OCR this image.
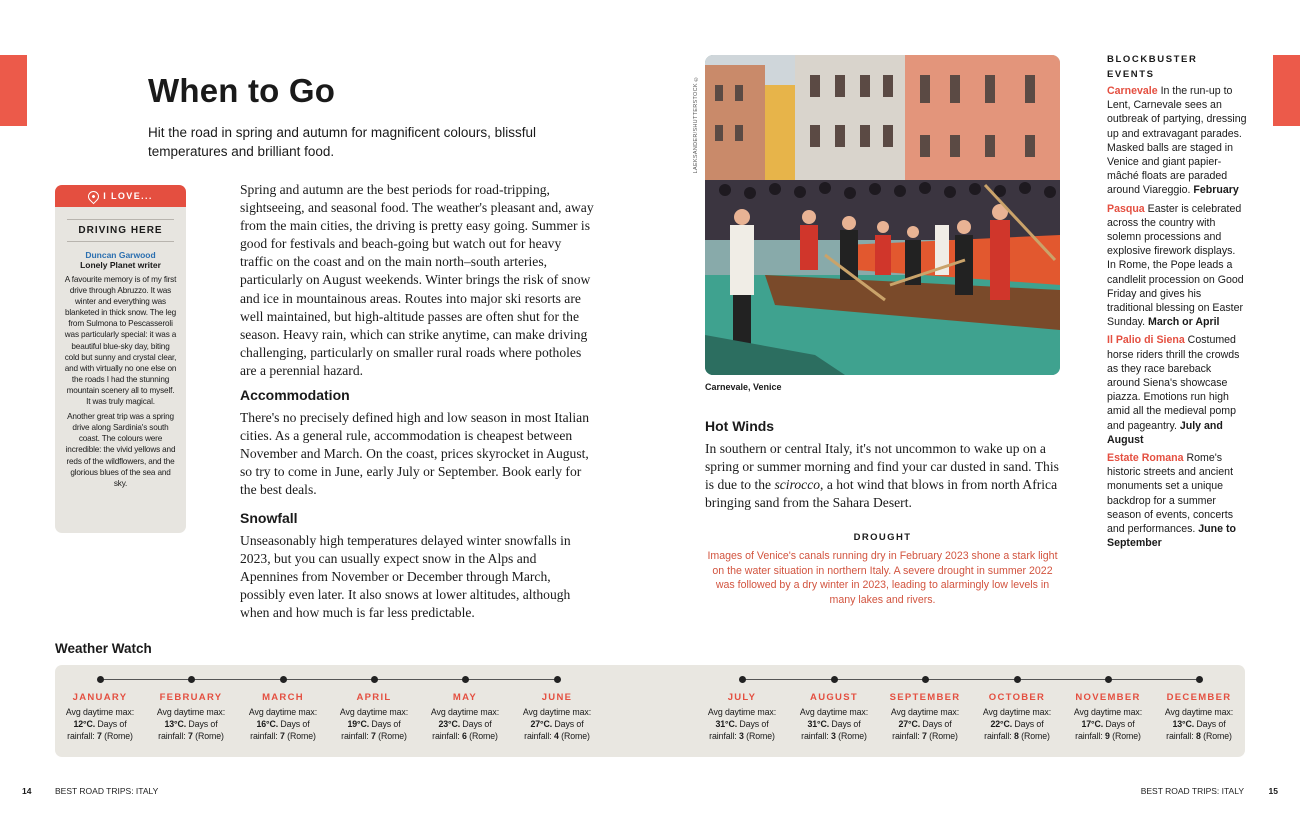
When to Go

Hit the road in spring and autumn for magnificent colours, blissful temperatures and brilliant food.

I LOVE...
DRIVING HERE
Duncan Garwood
Lonely Planet writer

A favourite memory is of my first drive through Abruzzo. It was winter and everything was blanketed in thick snow. The leg from Sulmona to Pescasseroli was particularly special: it was a beautiful blue-sky day, biting cold but sunny and crystal clear, and with virtually no one else on the roads I had the stunning mountain scenery all to myself. It was truly magical.

Another great trip was a spring drive along Sardinia's south coast. The colours were incredible: the vivid yellows and reds of the wildflowers, and the glorious blues of the sea and sky.

Spring and autumn are the best periods for road-tripping, sightseeing, and seasonal food. The weather's pleasant and, away from the main cities, the driving is pretty easy going. Summer is good for festivals and beach-going but watch out for heavy traffic on the coast and on the main north–south arteries, particularly on August weekends. Winter brings the risk of snow and ice in mountainous areas. Routes into major ski resorts are well maintained, but high-altitude passes are often shut for the season. Heavy rain, which can strike anytime, can make driving challenging, particularly on smaller rural roads where potholes are a perennial hazard.

Accommodation

There's no precisely defined high and low season in most Italian cities. As a general rule, accommodation is cheapest between November and March. On the coast, prices skyrocket in August, so try to come in June, early July or September. Book early for the best deals.

Snowfall

Unseasonably high temperatures delayed winter snowfalls in 2023, but you can usually expect snow in the Alps and Apennines from November or December through March, possibly even later. It also snows at lower altitudes, although when and how much is far less predictable.

LAEKSANDER/SHUTTERSTOCK ©
Carnevale, Venice
Hot Winds

In southern or central Italy, it's not uncommon to wake up on a spring or summer morning and find your car dusted in sand. This is due to the scirocco, a hot wind that blows in from north Africa bringing sand from the Sahara Desert.

DROUGHT
Images of Venice's canals running dry in February 2023 shone a stark light on the water situation in northern Italy. A severe drought in summer 2022 was followed by a dry winter in 2023, leading to alarmingly low levels in many lakes and rivers.
BLOCKBUSTER EVENTS
Carnevale In the run-up to Lent, Carnevale sees an outbreak of partying, dressing up and extravagant parades. Masked balls are staged in Venice and giant papier-mâché floats are paraded around Viareggio. February
Pasqua Easter is celebrated across the country with solemn processions and explosive firework displays. In Rome, the Pope leads a candlelit procession on Good Friday and gives his traditional blessing on Easter Sunday. March or April
Il Palio di Siena Costumed horse riders thrill the crowds as they race bareback around Siena's showcase piazza. Emotions run high amid all the medieval pomp and pageantry. July and August
Estate Romana Rome's historic streets and ancient monuments set a unique backdrop for a summer season of events, concerts and performances. June to September
Weather Watch
JANUARY
Avg daytime max:
12°C. Days of
rainfall: 7 (Rome)
FEBRUARY
Avg daytime max:
13°C. Days of
rainfall: 7 (Rome)
MARCH
Avg daytime max:
16°C. Days of
rainfall: 7 (Rome)
APRIL
Avg daytime max:
19°C. Days of
rainfall: 7 (Rome)
MAY
Avg daytime max:
23°C. Days of
rainfall: 6 (Rome)
JUNE
Avg daytime max:
27°C. Days of
rainfall: 4 (Rome)
JULY
Avg daytime max:
31°C. Days of
rainfall: 3 (Rome)
AUGUST
Avg daytime max:
31°C. Days of
rainfall: 3 (Rome)
SEPTEMBER
Avg daytime max:
27°C. Days of
rainfall: 7 (Rome)
OCTOBER
Avg daytime max:
22°C. Days of
rainfall: 8 (Rome)
NOVEMBER
Avg daytime max:
17°C. Days of
rainfall: 9 (Rome)
DECEMBER
Avg daytime max:
13°C. Days of
rainfall: 8 (Rome)
14	BEST ROAD TRIPS: ITALY	BEST ROAD TRIPS: ITALY	15
